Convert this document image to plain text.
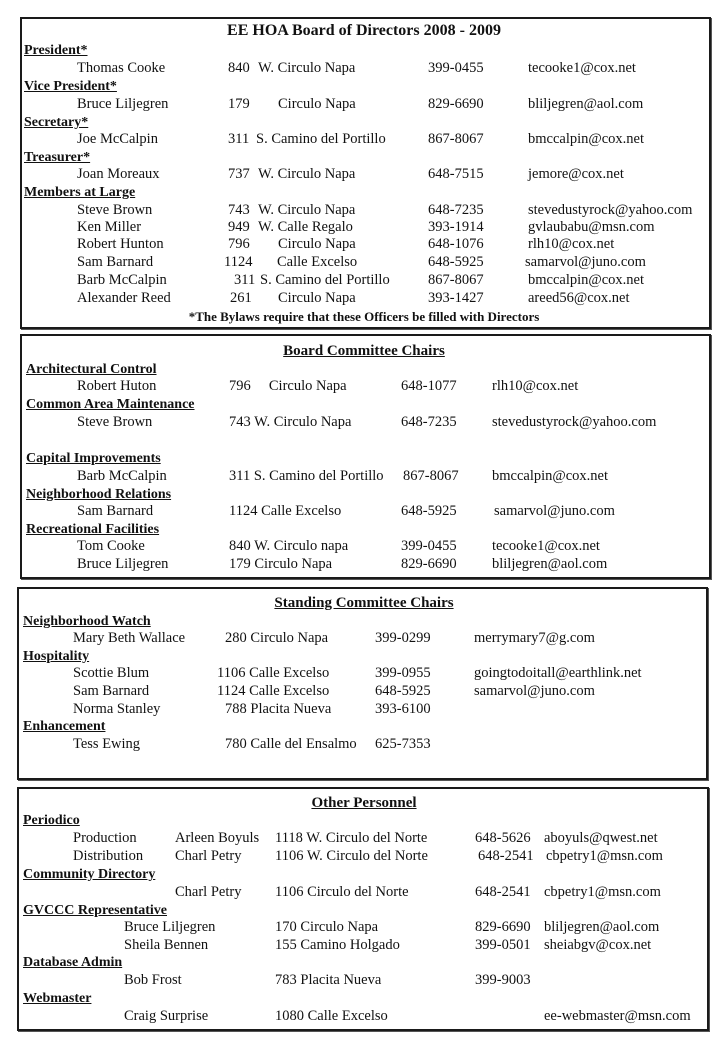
EE HOA Board of Directors 2008 - 2009
President*
Thomas Cooke	840 W. Circulo Napa	399-0455	tecooke1@cox.net
Vice President*
Bruce Liljegren	179 Circulo Napa	829-6690	bliljegren@aol.com
Secretary*
Joe McCalpin	311 S. Camino del Portillo	867-8067	bmccalpin@cox.net
Treasurer*
Joan Moreaux	737 W. Circulo Napa	648-7515	jemore@cox.net
Members at Large
Steve Brown	743 W. Circulo Napa	648-7235	stevedustyrock@yahoo.com
Ken Miller	949 W. Calle Regalo	393-1914	gvlaubabu@msn.com
Robert Hunton	796 Circulo Napa	648-1076	rlh10@cox.net
Sam Barnard	1124 Calle Excelso	648-5925	samarvol@juno.com
Barb McCalpin	311 S. Camino del Portillo	867-8067	bmccalpin@cox.net
Alexander Reed	261 Circulo Napa	393-1427	areed56@cox.net
*The Bylaws require that these Officers be filled with Directors
Board Committee Chairs
Architectural Control
Robert Huton	796     Circulo Napa	648-1077 rlh10@cox.net
Common Area Maintenance
Steve Brown	743 W. Circulo Napa	648-7235 stevedustyrock@yahoo.com
Capital Improvements
Barb McCalpin	311 S. Camino del Portillo 867-8067 bmccalpin@cox.net
Neighborhood Relations
Sam Barnard	1124 Calle Excelso	648-5925	samarvol@juno.com
Recreational Facilities
Tom Cooke	840 W. Circulo napa	399-0455 tecooke1@cox.net
Bruce Liljegren	179 Circulo Napa	829-6690 bliljegren@aol.com
Standing Committee Chairs
Neighborhood Watch
Mary Beth Wallace	280 Circulo Napa	399-0299	merrymary7@g.com
Hospitality
Scottie Blum	1106 Calle Excelso	399-0955	goingtodoitall@earthlink.net
Sam Barnard	1124 Calle Excelso	648-5925	samarvol@juno.com
Norma Stanley	788 Placita Nueva	393-6100
Enhancement
Tess Ewing	780 Calle del Ensalmo 625-7353
Other Personnel
Periodico
Production	Arleen Boyuls 1118 W. Circulo del Norte	648-5626 aboyuls@qwest.net
Distribution Charl Petry 1106 W. Circulo del Norte	648-2541 cbpetry1@msn.com
Community Directory
Charl Petry 1106 Circulo del Norte	648-2541 cbpetry1@msn.com
GVCCC Representative
Bruce Liljegren	170 Circulo Napa	829-6690 bliljegren@aol.com
Sheila Bennen	155 Camino Holgado	399-0501 sheiabgv@cox.net
Database Admin
Bob Frost	783 Placita Nueva	399-9003
Webmaster
Craig Surprise	1080 Calle Excelso	ee-webmaster@msn.com
